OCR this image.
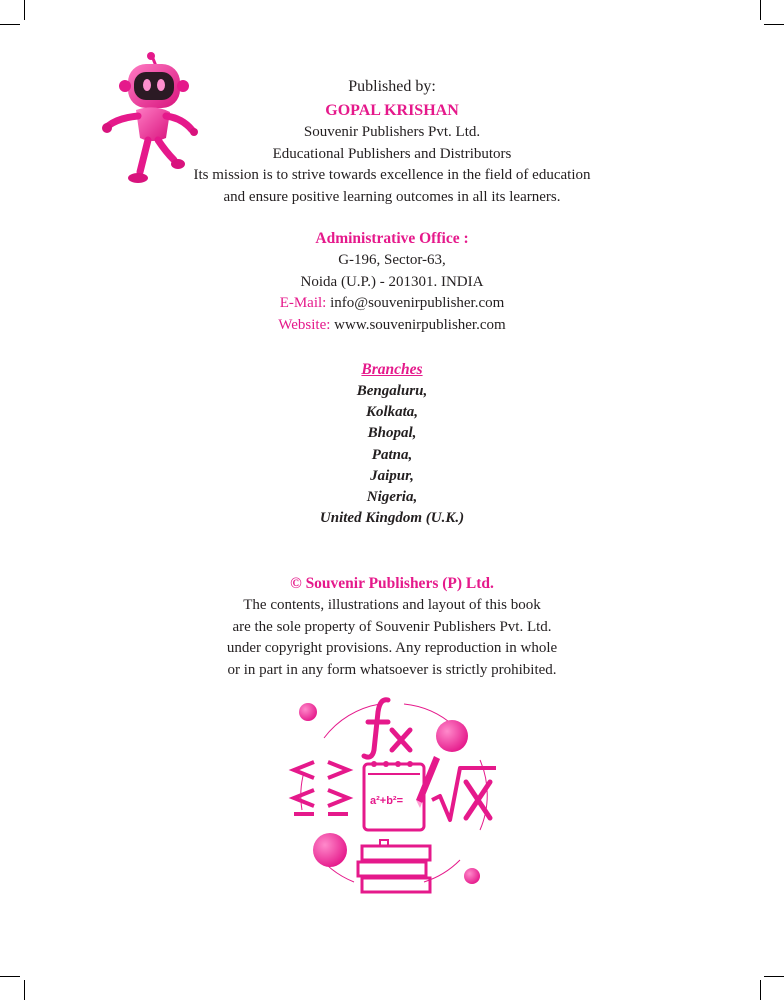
Published by:
GOPAL KRISHAN
Souvenir Publishers Pvt. Ltd.
Educational Publishers and Distributors
Its mission is to strive towards excellence in the field of education
and ensure positive learning outcomes in all its learners.
Administrative Office :
G-196, Sector-63,
Noida (U.P.) - 201301. INDIA
E-Mail: info@souvenirpublisher.com
Website: www.souvenirpublisher.com
Branches
Bengaluru,
Kolkata,
Bhopal,
Patna,
Jaipur,
Nigeria,
United Kingdom (U.K.)
© Souvenir Publishers (P) Ltd.
The contents, illustrations and layout of this book
are the sole property of Souvenir Publishers Pvt. Ltd.
under copyright provisions. Any reproduction in whole
or in part in any form whatsoever is strictly prohibited.
a²+b²=
